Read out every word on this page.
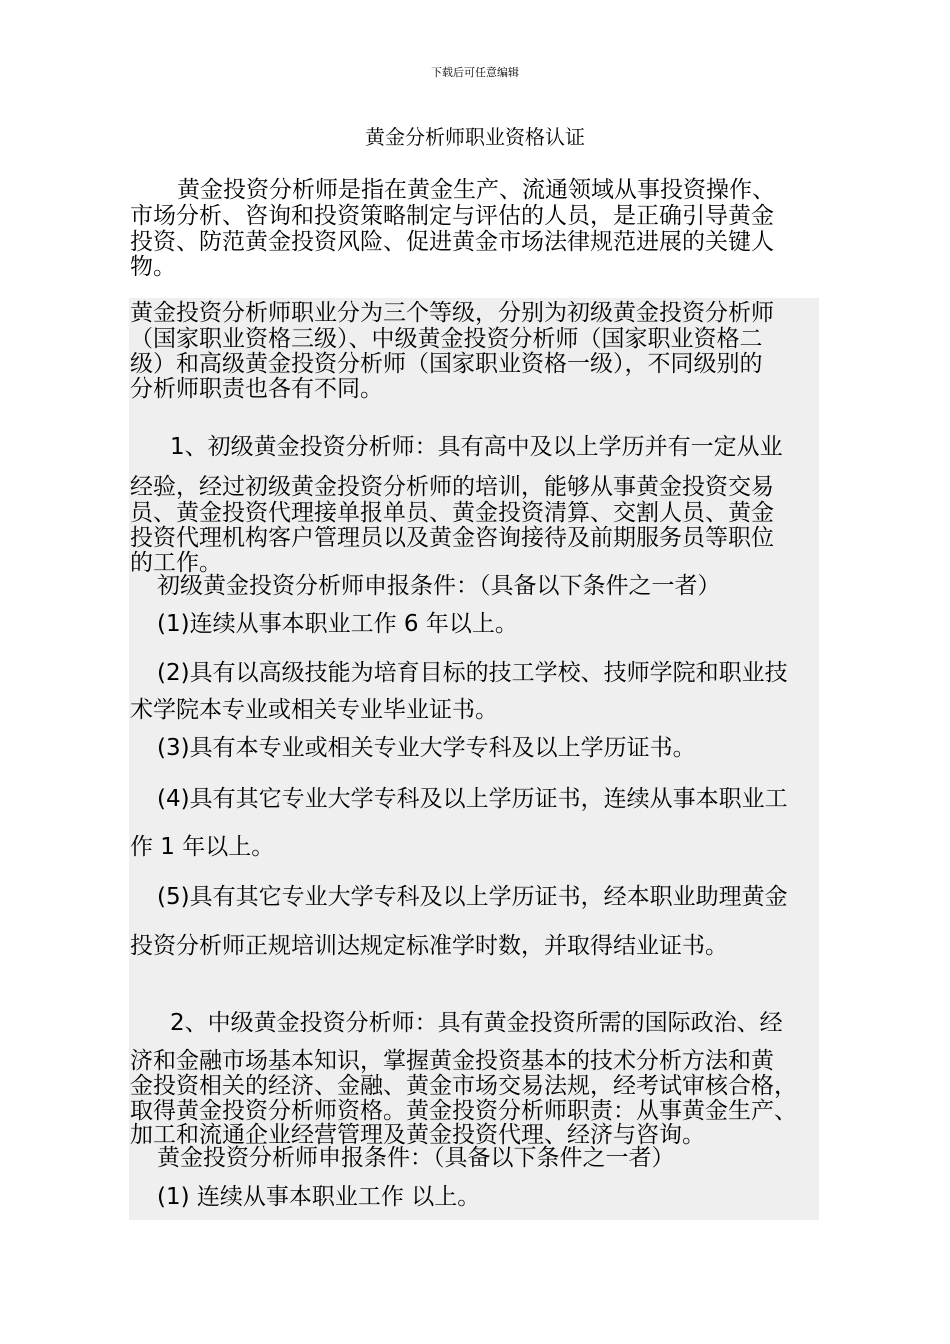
下载后可任意编辑
黄金分析师职业资格认证
黄金投资分析师是指在黄金生产、流通领域从事投资操作、
市场分析、咨询和投资策略制定与评估的人员，是正确引导黄金
投资、防范黄金投资风险、促进黄金市场法律规范进展的关键人
物。
黄金投资分析师职业分为三个等级，分别为初级黄金投资分析师
（国家职业资格三级）、中级黄金投资分析师（国家职业资格二
级）和高级黄金投资分析师（国家职业资格一级），不同级别的
分析师职责也各有不同。
1、初级黄金投资分析师：具有高中及以上学历并有一定从业
经验，经过初级黄金投资分析师的培训，能够从事黄金投资交易
员、黄金投资代理接单报单员、黄金投资清算、交割人员、黄金
投资代理机构客户管理员以及黄金咨询接待及前期服务员等职位
的工作。
初级黄金投资分析师申报条件：（具备以下条件之一者）
(1)连续从事本职业工作 6 年以上。
(2)具有以高级技能为培育目标的技工学校、技师学院和职业技
术学院本专业或相关专业毕业证书。
(3)具有本专业或相关专业大学专科及以上学历证书。
(4)具有其它专业大学专科及以上学历证书，连续从事本职业工
作 1 年以上。
(5)具有其它专业大学专科及以上学历证书，经本职业助理黄金
投资分析师正规培训达规定标准学时数，并取得结业证书。
2、中级黄金投资分析师：具有黄金投资所需的国际政治、经
济和金融市场基本知识，掌握黄金投资基本的技术分析方法和黄
金投资相关的经济、金融、黄金市场交易法规，经考试审核合格，
取得黄金投资分析师资格。黄金投资分析师职责：从事黄金生产、
加工和流通企业经营管理及黄金投资代理、经济与咨询。
黄金投资分析师申报条件：（具备以下条件之一者）
(1) 连续从事本职业工作 以上。
